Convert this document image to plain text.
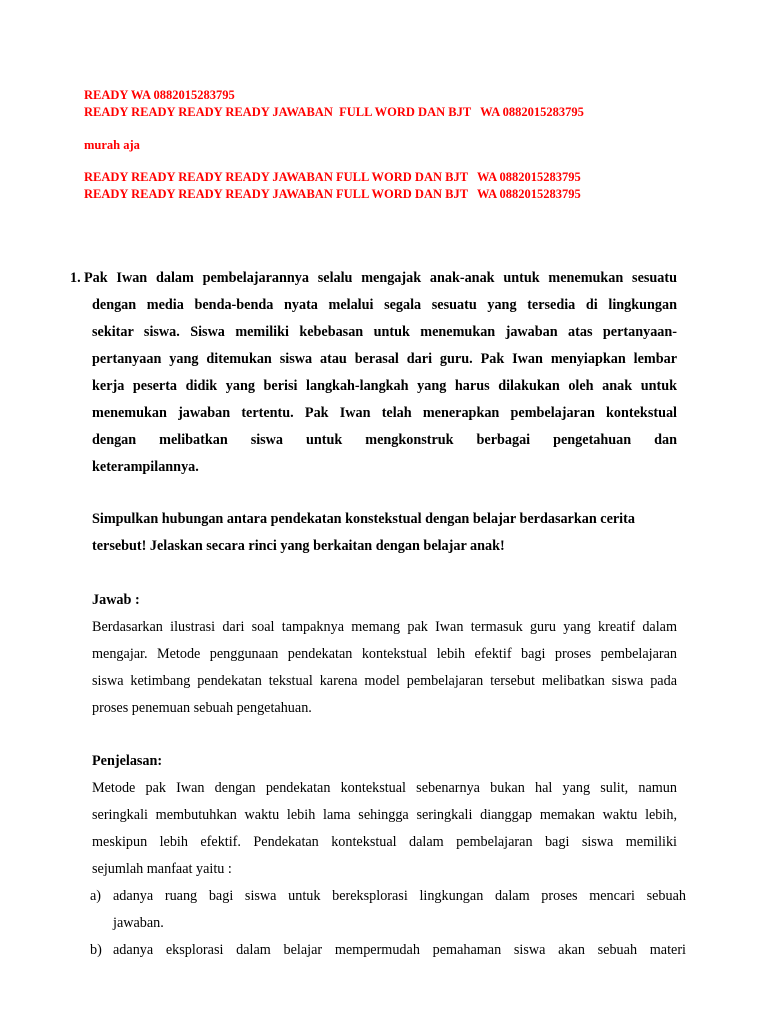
READY WA 0882015283795
READY READY READY READY JAWABAN  FULL WORD DAN BJT   WA 0882015283795
murah aja
READY READY READY READY JAWABAN FULL WORD DAN BJT   WA 0882015283795
READY READY READY READY JAWABAN FULL WORD DAN BJT   WA 0882015283795
1. Pak Iwan dalam pembelajarannya selalu mengajak anak-anak untuk menemukan sesuatu
dengan media benda-benda nyata melalui segala sesuatu yang tersedia di lingkungan
sekitar siswa. Siswa memiliki kebebasan untuk menemukan jawaban atas pertanyaan-
pertanyaan yang ditemukan siswa atau berasal dari guru. Pak Iwan menyiapkan lembar
kerja peserta didik yang berisi langkah-langkah yang harus dilakukan oleh anak untuk
menemukan jawaban tertentu. Pak Iwan telah menerapkan pembelajaran kontekstual
dengan melibatkan siswa untuk mengkonstruk berbagai pengetahuan dan
keterampilannya.
Simpulkan hubungan antara pendekatan konstekstual dengan belajar berdasarkan cerita
tersebut! Jelaskan secara rinci yang berkaitan dengan belajar anak!
Jawab :
Berdasarkan ilustrasi dari soal tampaknya memang pak Iwan termasuk guru yang kreatif dalam
mengajar. Metode penggunaan pendekatan kontekstual lebih efektif bagi proses pembelajaran
siswa ketimbang pendekatan tekstual karena model pembelajaran tersebut melibatkan siswa pada
proses penemuan sebuah pengetahuan.
Penjelasan:
Metode pak Iwan dengan pendekatan kontekstual sebenarnya bukan hal yang sulit, namun
seringkali membutuhkan waktu lebih lama sehingga seringkali dianggap memakan waktu lebih,
meskipun lebih efektif. Pendekatan kontekstual dalam pembelajaran bagi siswa memiliki
sejumlah manfaat yaitu :
a) adanya ruang bagi siswa untuk bereksplorasi lingkungan dalam proses mencari sebuah
jawaban.
b) adanya eksplorasi dalam belajar mempermudah pemahaman siswa akan sebuah materi
